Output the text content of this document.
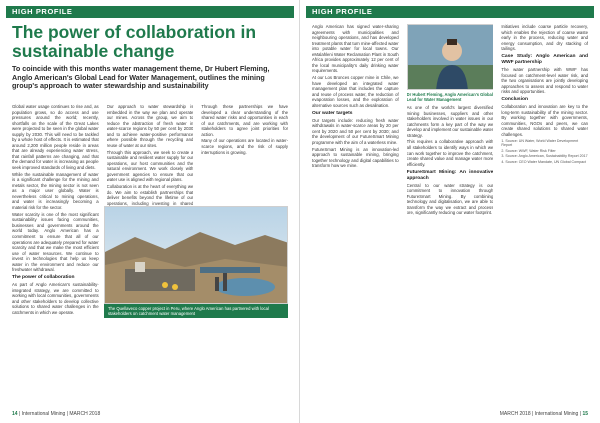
HIGH PROFILE
The power of collaboration in sustainable change

To coincide with this months water management theme, Dr Hubert Fleming, Anglo American's Global Lead for Water Management, outlines the mining group's approach to water stewardship and sustainability

Global water usage continues to rise and, as population grows, so do access and use pressures around the world; recently, shortfalls on the scale of the Great Lakes were projected to be seen in the global water supply by 2030. This will need to be tackled by a whole host of effects. It is estimated that around 2,200 million people reside in areas that are already experiencing water stress, that rainfall patterns are changing, and that the demand for water is increasing as people seek improved standards of living and diets.

While the sustainable management of water is a significant challenge for the mining and metals sector, the mining sector is not seen as a major user globally. Water is nevertheless critical to mining operations, and water is increasingly becoming a material risk for the sector.

Water scarcity is one of the most significant sustainability issues facing communities, businesses and governments around the world today. Anglo American has a commitment to ensure that all of our operations are adequately prepared for water scarcity and that we make the most efficient use of water resources. We continue to invest in technologies that help us keep water in the environment and reduce our freshwater withdrawal.

The power of collaboration

As part of Anglo American's sustainability-integrated strategy, we are committed to working with local communities, governments and other stakeholders to develop collective solutions to shared water challenges in the catchments in which we operate.

Our approach to water stewardship is embedded in the way we plan and operate our mines. Across the group, we aim to reduce the abstraction of fresh water in water-scarce regions by 50 per cent by 2030 and to achieve water-positive performance where possible through the recycling and reuse of water at our sites.

Through this approach, we seek to create a sustainable and resilient water supply for our operations, our host communities and the natural environment. We work closely with government agencies to ensure that our water use is aligned with regional plans.

Collaboration is at the heart of everything we do. We aim to establish partnerships that deliver benefits beyond the lifetime of our operations, including investing in shared

Through these partnerships we have developed a clear understanding of the shared water risks and opportunities in each of our catchments, and are working with stakeholders to agree joint priorities for action.

Many of our operations are located in water-scarce regions, and the risk of supply interruptions is growing.

The Quellaveco copper project in Peru, where Anglo American has partnered with local stakeholders on catchment water management
14 | International Mining | MARCH 2018
HIGH PROFILE

Anglo American has signed water-sharing agreements with municipalities and neighbouring operations, and has developed treatment plants that turn mine-affected water into potable water for local towns. Our eMalahleni Water Reclamation Plant in South Africa provides approximately 12 per cent of the local municipality's daily drinking water requirements.

At our Los Bronces copper mine in Chile, we have developed an integrated water management plan that includes the capture and reuse of process water, the reduction of evaporation losses, and the exploration of alternative sources such as desalination.

Our water targets

Our targets include: reducing fresh water withdrawals in water-scarce areas by 20 per cent by 2020 and 50 per cent by 2030; and the development of our FutureSmart Mining programme with the aim of a waterless mine.

FutureSmart Mining is an innovation-led approach to sustainable mining, bringing together technology and digital capabilities to transform how we mine.

Dr Hubert Fleming, Anglo American's Global Lead for Water Management

As one of the world's largest diversified mining businesses, suppliers and other stakeholders involved in water issues in our catchments form a key part of the way we develop and implement our sustainable water strategy.

This requires a collaborative approach with all stakeholders to identify ways in which we can work together to improve the catchment, create shared value and manage water more efficiently.

FutureSmart Mining: An innovative approach

Central to our water strategy is our commitment to innovation through FutureSmart Mining. By combining technology and digitalisation, we are able to transform the way we extract and process ore, significantly reducing our water footprint.

Initiatives include coarse particle recovery, which enables the rejection of coarse waste early in the process, reducing water and energy consumption, and dry stacking of tailings.

Case Study: Anglo American and WWF partnership

The water partnership with WWF has focused on catchment-level water risk, and the two organisations are jointly developing approaches to assess and respond to water risks and opportunities.

Conclusion

Collaboration and innovation are key to the long-term sustainability of the mining sector. By working together with governments, communities, NGOs and peers, we can create shared solutions to shared water challenges.

1. Source: UN Water, World Water Development Report

2. Source: WWF, Water Risk Filter

3. Source: Anglo American, Sustainability Report 2017

4. Source: CEO Water Mandate, UN Global Compact

MARCH 2018 | International Mining | 15
